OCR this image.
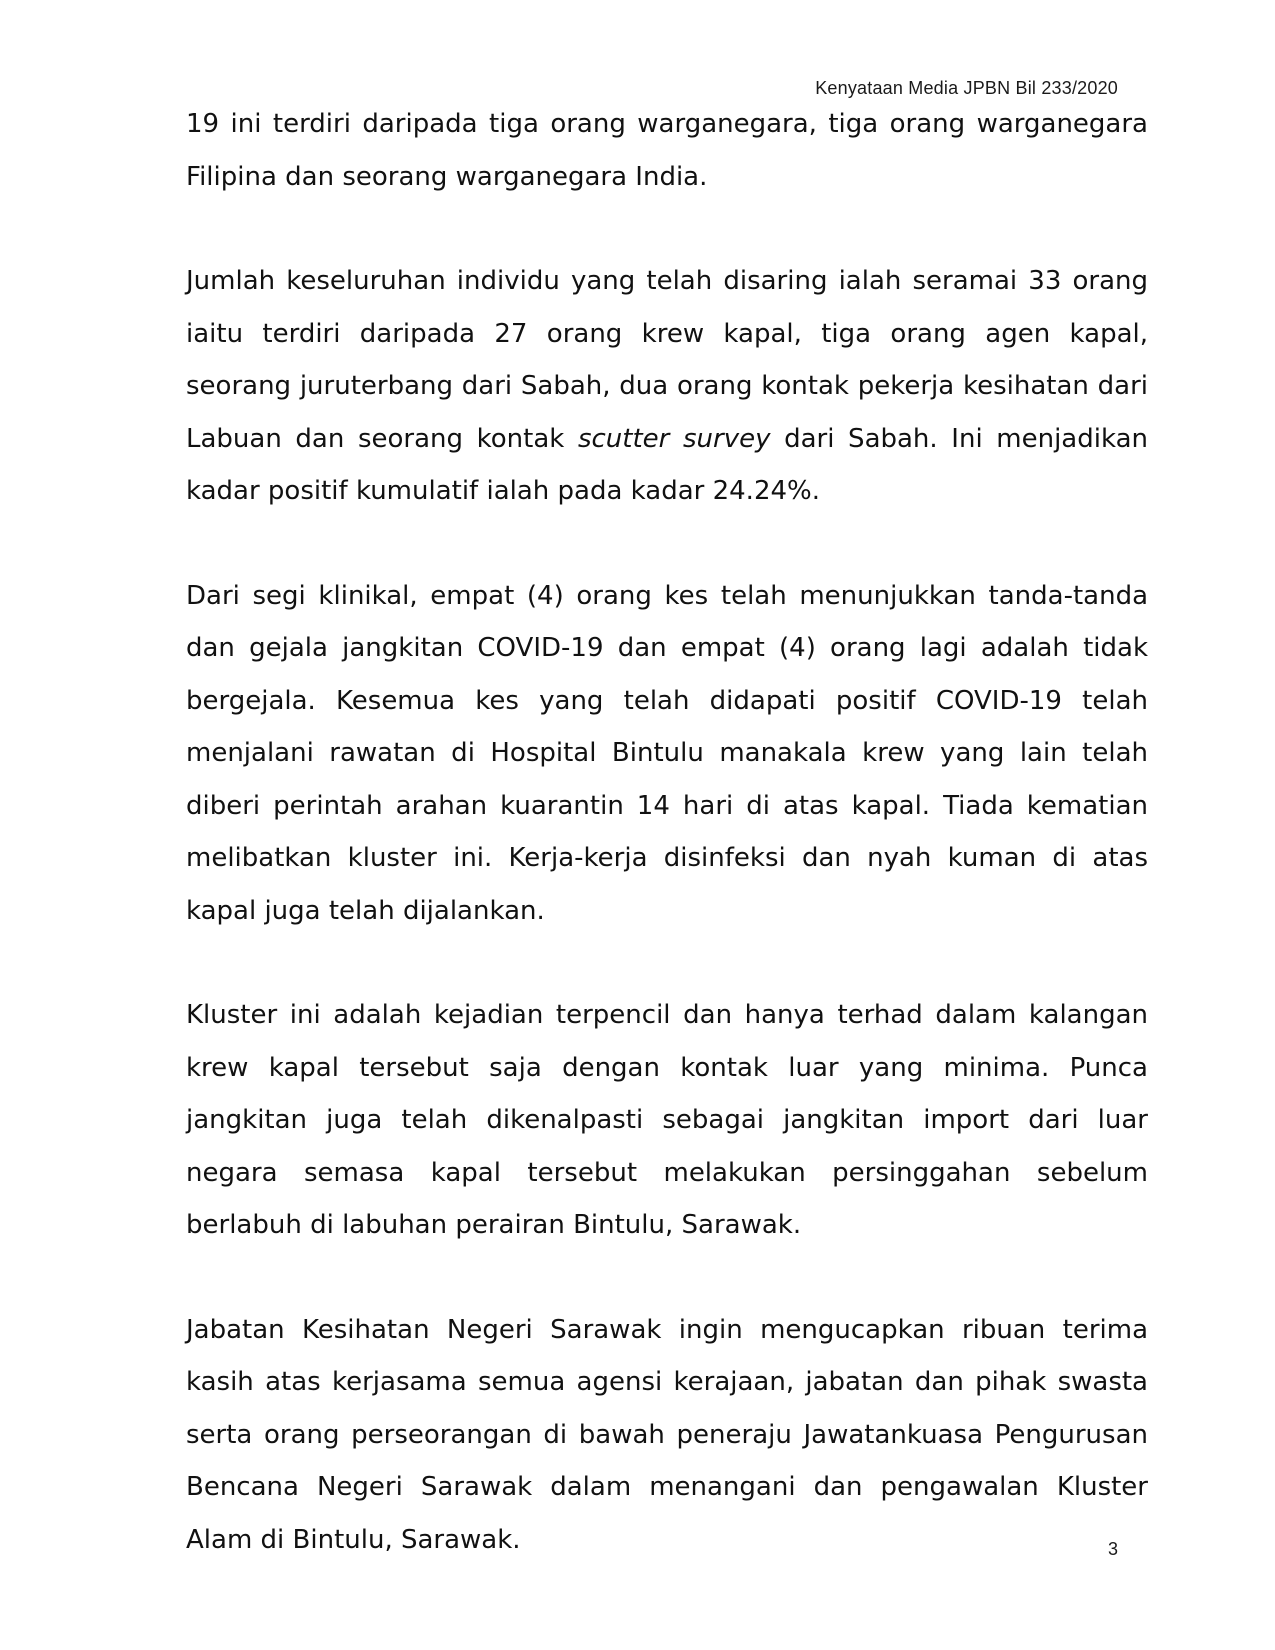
Kenyataan Media JPBN Bil 233/2020

19 ini terdiri daripada tiga orang warganegara, tiga orang warganegara Filipina dan seorang warganegara India.

Jumlah keseluruhan individu yang telah disaring ialah seramai 33 orang iaitu terdiri daripada 27 orang krew kapal, tiga orang agen kapal, seorang juruterbang dari Sabah, dua orang kontak pekerja kesihatan dari Labuan dan seorang kontak scutter survey dari Sabah. Ini menjadikan kadar positif kumulatif ialah pada kadar 24.24%.

Dari segi klinikal, empat (4) orang kes telah menunjukkan tanda-tanda dan gejala jangkitan COVID-19 dan empat (4) orang lagi adalah tidak bergejala. Kesemua kes yang telah didapati positif COVID-19 telah menjalani rawatan di Hospital Bintulu manakala krew yang lain telah diberi perintah arahan kuarantin 14 hari di atas kapal. Tiada kematian melibatkan kluster ini. Kerja-kerja disinfeksi dan nyah kuman di atas kapal juga telah dijalankan.

Kluster ini adalah kejadian terpencil dan hanya terhad dalam kalangan krew kapal tersebut saja dengan kontak luar yang minima. Punca jangkitan juga telah dikenalpasti sebagai jangkitan import dari luar negara semasa kapal tersebut melakukan persinggahan sebelum berlabuh di labuhan perairan Bintulu, Sarawak.

Jabatan Kesihatan Negeri Sarawak ingin mengucapkan ribuan terima kasih atas kerjasama semua agensi kerajaan, jabatan dan pihak swasta serta orang perseorangan di bawah peneraju Jawatankuasa Pengurusan Bencana Negeri Sarawak dalam menangani dan pengawalan Kluster Alam di Bintulu, Sarawak.	3
